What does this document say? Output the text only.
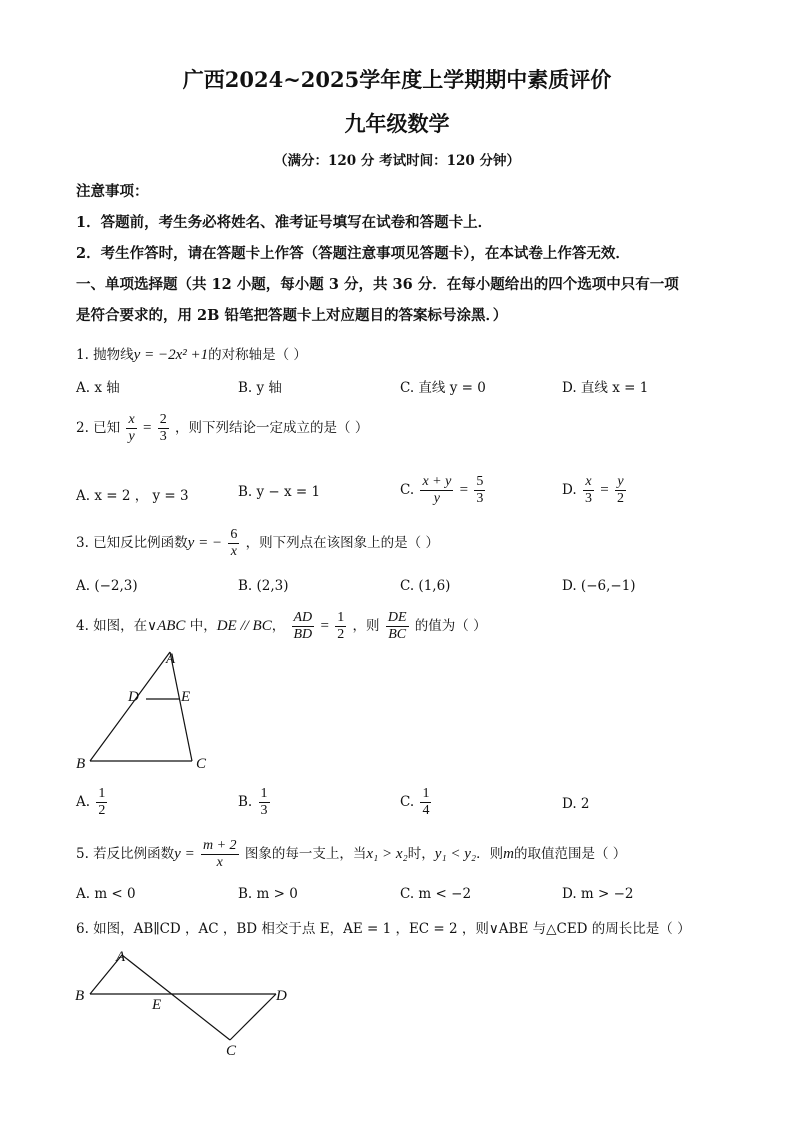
广西2024~2025学年度上学期期中素质评价
九年级数学
（满分：120 分 考试时间：120 分钟）
注意事项：
1．答题前，考生务必将姓名、准考证号填写在试卷和答题卡上．
2．考生作答时，请在答题卡上作答（答题注意事项见答题卡），在本试卷上作答无效．
一、单项选择题（共 12 小题，每小题 3 分，共 36 分．在每小题给出的四个选项中只有一项
是符合要求的，用 2B 铅笔把答题卡上对应题目的答案标号涂黑．）
1. 抛物线y = −2x² +1的对称轴是（ ）
A. x 轴	B. y 轴	C. 直线 y = 0	D. 直线 x = 1
2. 已知 $\frac{x}{y} = \frac{2}{3}$ ，则下列结论一定成立的是（ ）
A. x = 2 ， y = 3	B. y − x = 1	C. $\frac{x + y}{y} = \frac{5}{3}$	D. $\frac{x}{3} = \frac{y}{2}$
3. 已知反比例函数y = − $\frac{6}{x}$ ，则下列点在该图象上的是（ ）
A. (−2,3)	B. (2,3)	C. (1,6)	D. (−6,−1)
4. 如图，在∨ABC 中，DE // BC， $\frac{AD}{BD} = \frac{1}{2}$ ，则 $\frac{DE}{BC}$ 的值为（ ）
A
D	E
B	C
A. $\frac{1}{2}$	B. $\frac{1}{3}$	C. $\frac{1}{4}$	D. 2
5. 若反比例函数$y = \frac{m + 2}{x}$ 图象的每一支上，当x₁ > x₂时，y₁ < y₂．则m的取值范围是（ ）
A. m < 0	B. m > 0	C. m < −2	D. m > −2
6. 如图，AB∥CD ，AC ，BD 相交于点 E，AE = 1 ，EC = 2 ，则∨ABE 与△CED 的周长比是（ ）
A
B
E
D
C
